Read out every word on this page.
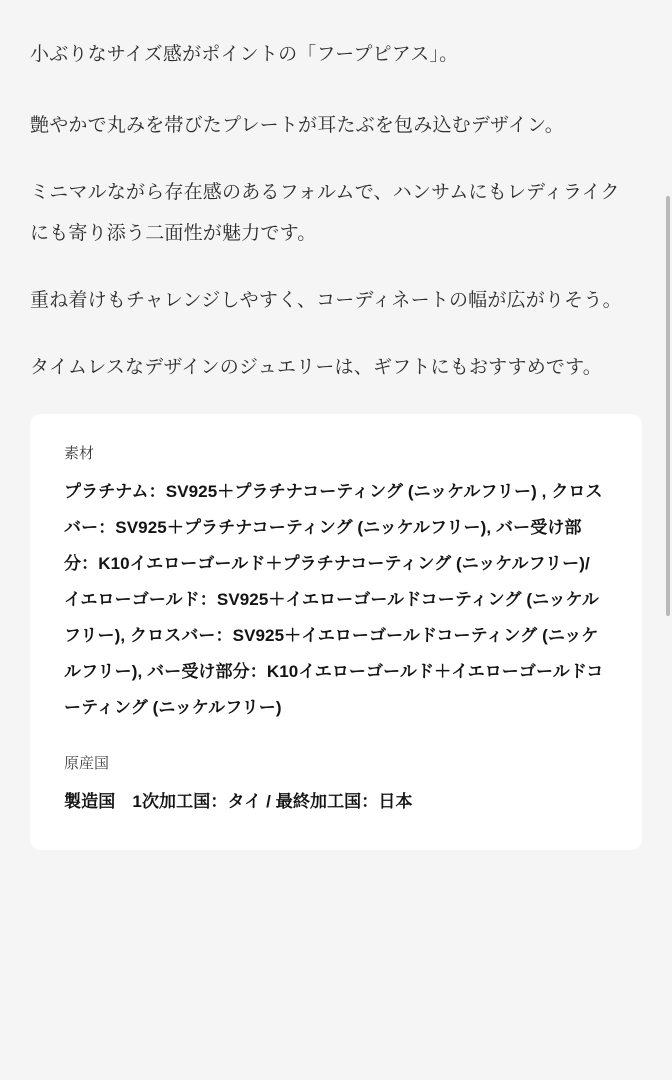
小ぶりなサイズ感がポイントの「フープピアス」。

艶やかで丸みを帯びたプレートが耳たぶを包み込むデザイン。

ミニマルながら存在感のあるフォルムで、ハンサムにもレディライクにも寄り添う二面性が魅力です。

重ね着けもチャレンジしやすく、コーディネートの幅が広がりそう。

タイムレスなデザインのジュエリーは、ギフトにもおすすめです。

素材
プラチナム：SV925＋プラチナコーティング (ニッケルフリー) , クロスバー：SV925＋プラチナコーティング (ニッケルフリー), バー受け部分：K10イエローゴールド＋プラチナコーティング (ニッケルフリー)/ イエローゴールド：SV925＋イエローゴールドコーティング (ニッケルフリー), クロスバー：SV925＋イエローゴールドコーティング (ニッケルフリー), バー受け部分：K10イエローゴールド＋イエローゴールドコーティング (ニッケルフリー)
原産国
製造国　1次加工国：タイ / 最終加工国：日本
